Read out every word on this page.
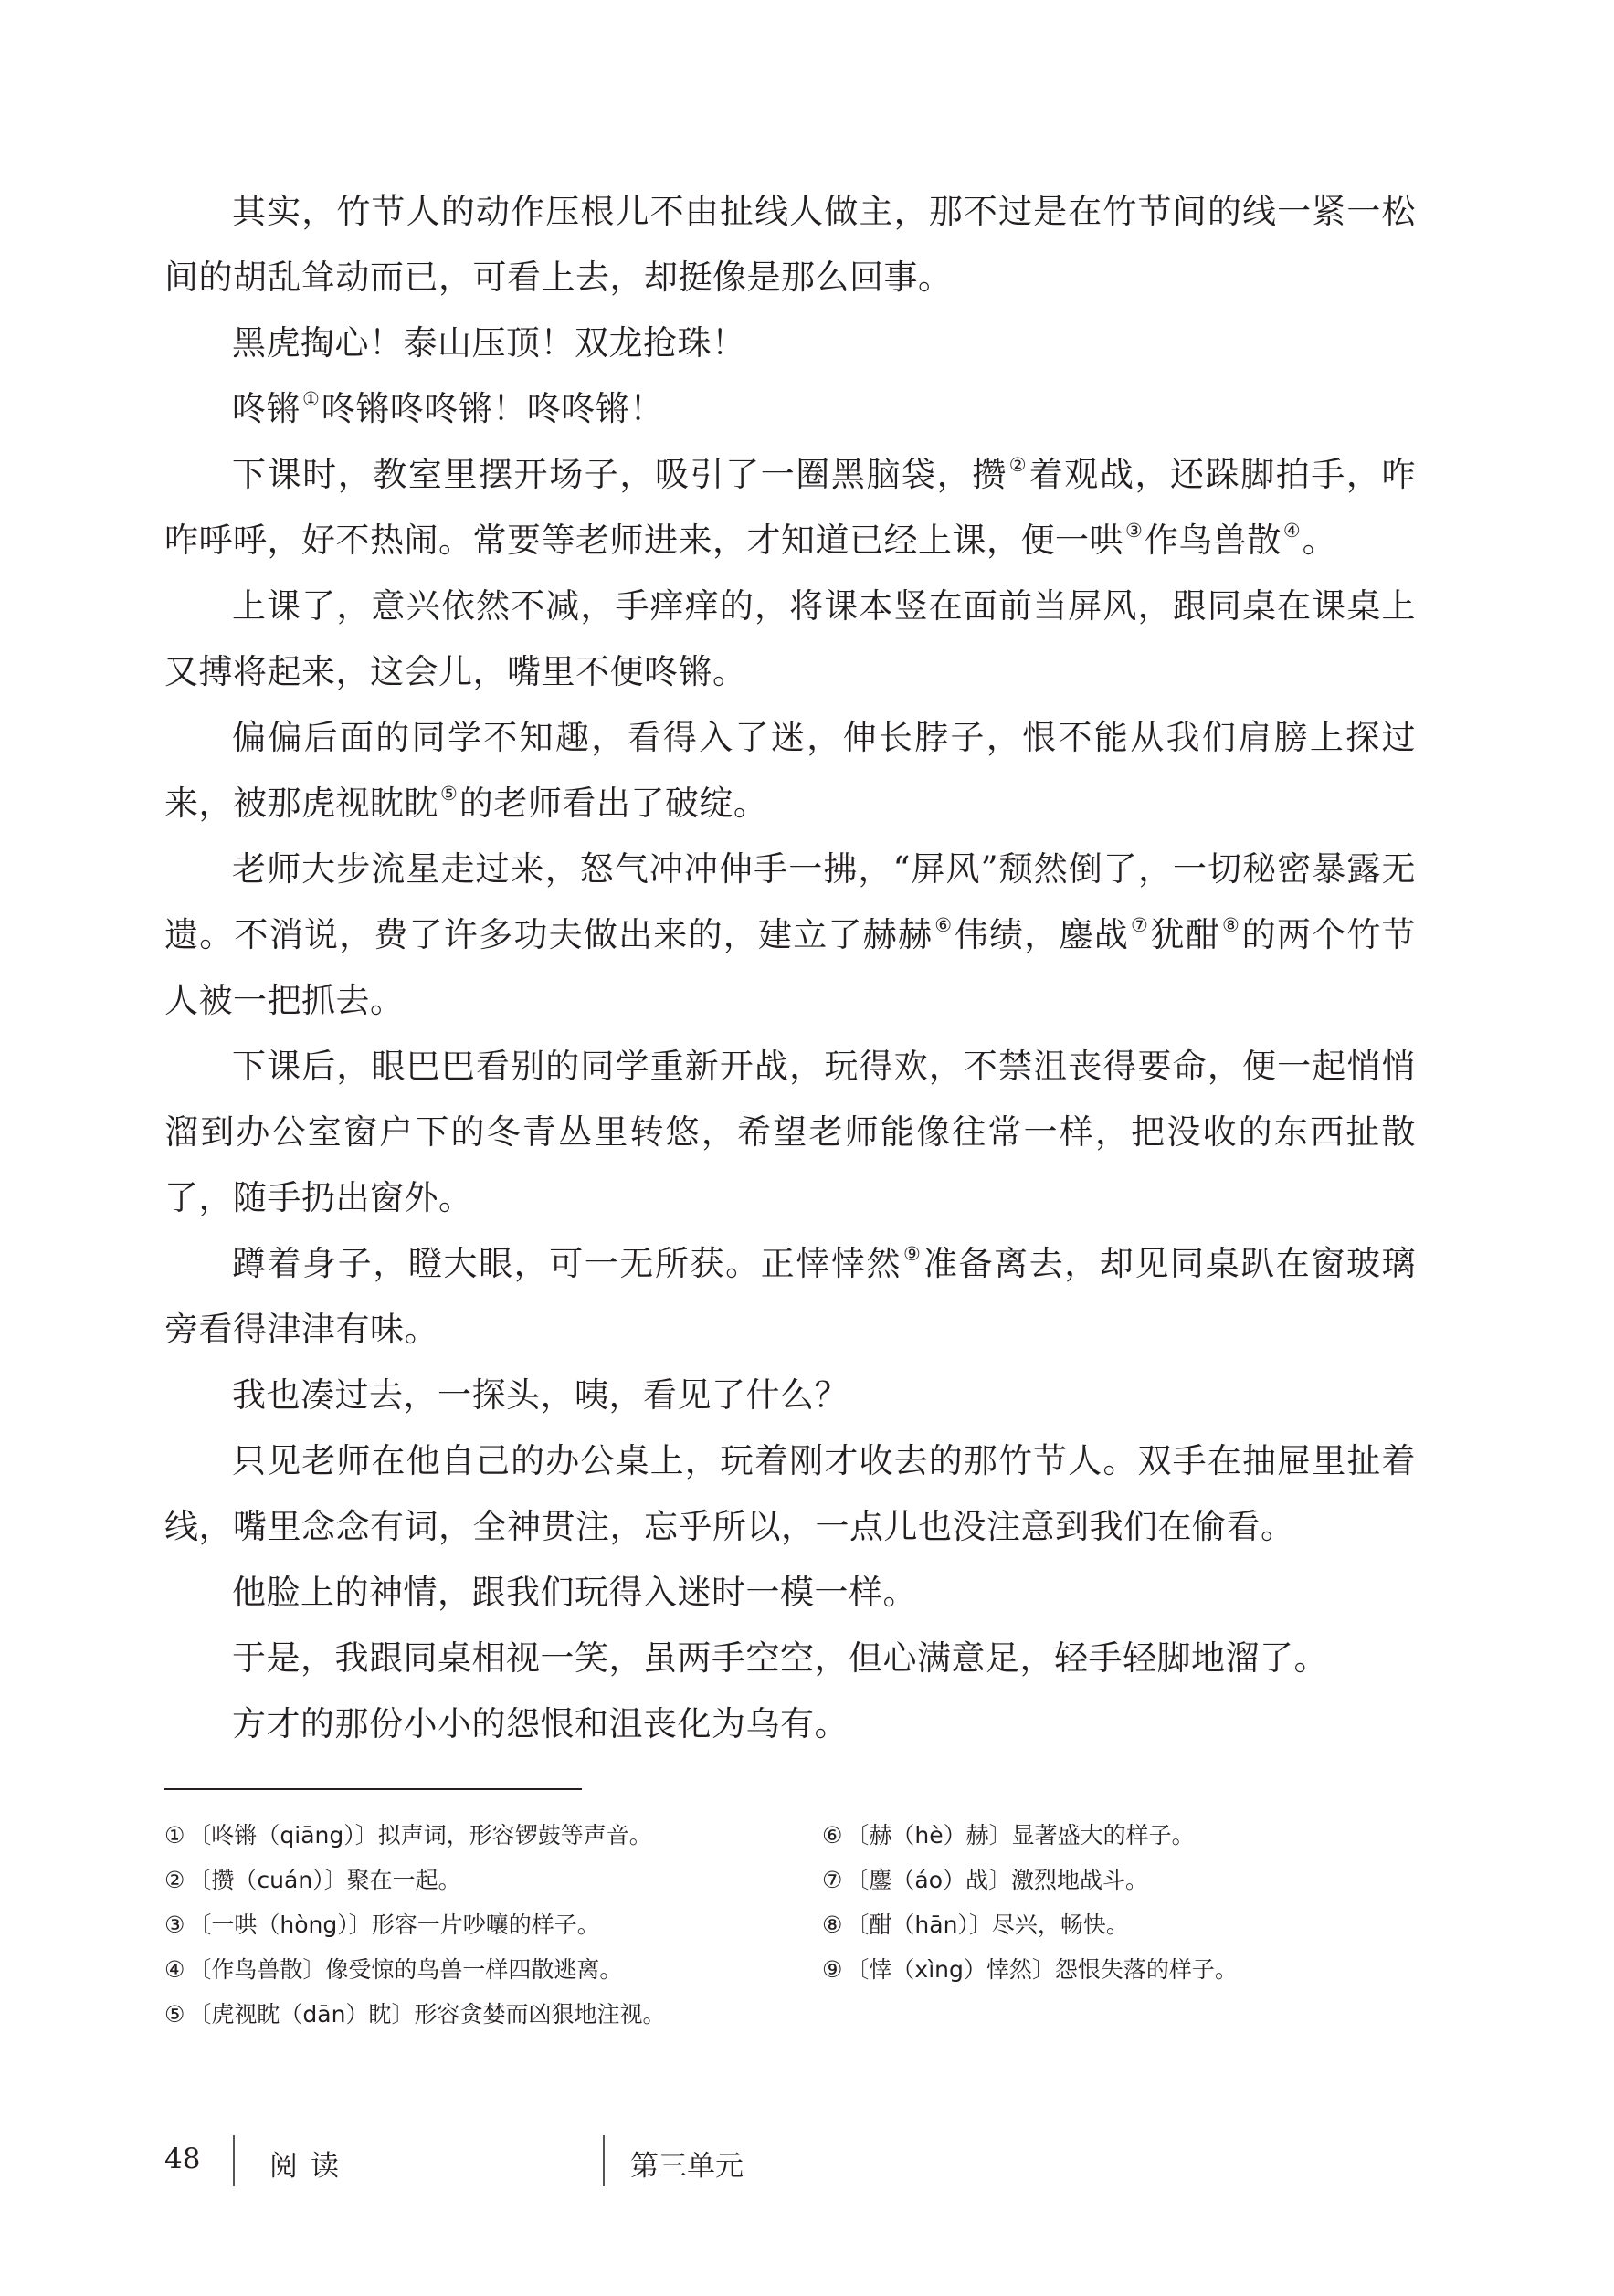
其实，竹节人的动作压根儿不由扯线人做主，那不过是在竹节间的线一紧一松间的胡乱耸动而已，可看上去，却挺像是那么回事。

黑虎掏心！泰山压顶！双龙抢珠！

咚锵①咚锵咚咚锵！咚咚锵！

下课时，教室里摆开场子，吸引了一圈黑脑袋，攒②着观战，还跺脚拍手，咋咋呼呼，好不热闹。常要等老师进来，才知道已经上课，便一哄③作鸟兽散④。

上课了，意兴依然不减，手痒痒的，将课本竖在面前当屏风，跟同桌在课桌上又搏将起来，这会儿，嘴里不便咚锵。

偏偏后面的同学不知趣，看得入了迷，伸长脖子，恨不能从我们肩膀上探过来，被那虎视眈眈⑤的老师看出了破绽。

老师大步流星走过来，怒气冲冲伸手一拂，“屏风”颓然倒了，一切秘密暴露无遗。不消说，费了许多功夫做出来的，建立了赫赫⑥伟绩，鏖战⑦犹酣⑧的两个竹节人被一把抓去。

下课后，眼巴巴看别的同学重新开战，玩得欢，不禁沮丧得要命，便一起悄悄溜到办公室窗户下的冬青丛里转悠，希望老师能像往常一样，把没收的东西扯散了，随手扔出窗外。

蹲着身子，瞪大眼，可一无所获。正悻悻然⑨准备离去，却见同桌趴在窗玻璃旁看得津津有味。

我也凑过去，一探头，咦，看见了什么？

只见老师在他自己的办公桌上，玩着刚才收去的那竹节人。双手在抽屉里扯着线，嘴里念念有词，全神贯注，忘乎所以，一点儿也没注意到我们在偷看。

他脸上的神情，跟我们玩得入迷时一模一样。

于是，我跟同桌相视一笑，虽两手空空，但心满意足，轻手轻脚地溜了。

方才的那份小小的怨恨和沮丧化为乌有。

① 〔咚锵（qiāng）〕拟声词，形容锣鼓等声音。
② 〔攒（cuán）〕聚在一起。
③ 〔一哄（hòng）〕形容一片吵嚷的样子。
④ 〔作鸟兽散〕像受惊的鸟兽一样四散逃离。
⑤ 〔虎视眈（dān）眈〕形容贪婪而凶狠地注视。
⑥ 〔赫（hè）赫〕显著盛大的样子。
⑦ 〔鏖（áo）战〕激烈地战斗。
⑧ 〔酣（hān）〕尽兴，畅快。
⑨ 〔悻（xìng）悻然〕怨恨失落的样子。
48 阅读	第三单元
